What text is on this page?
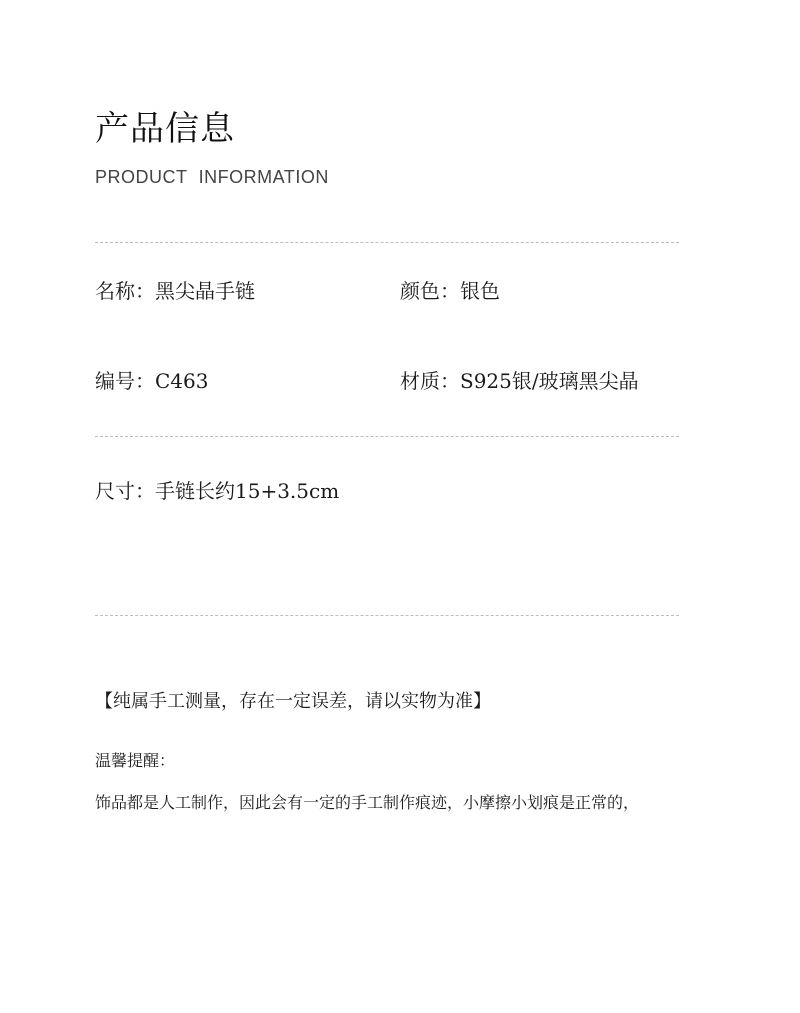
产品信息
PRODUCT INFORMATION
名称：黑尖晶手链	颜色：银色
编号：C463	材质：S925银/玻璃黑尖晶
尺寸：手链长约15+3.5cm
【纯属手工测量，存在一定误差，请以实物为准】
温馨提醒：
饰品都是人工制作，因此会有一定的手工制作痕迹，小摩擦小划痕是正常的，
